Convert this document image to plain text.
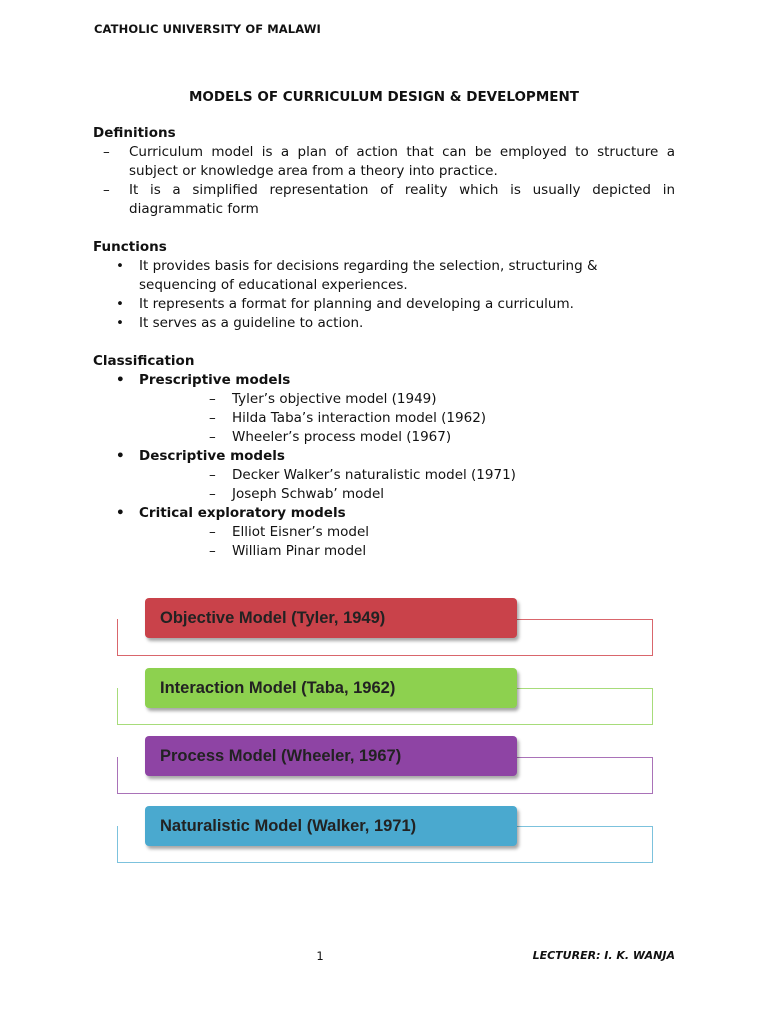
CATHOLIC UNIVERSITY OF MALAWI
MODELS OF CURRICULUM DESIGN & DEVELOPMENT

Definitions

– Curriculum model is a plan of action that can be employed to structure a subject or knowledge area from a theory into practice.
– It is a simplified representation of reality which is usually depicted in diagrammatic form

Functions

• It provides basis for decisions regarding the selection, structuring & sequencing of educational experiences.
• It represents a format for planning and developing a curriculum.
• It serves as a guideline to action.

Classification

• Prescriptive models
– Tyler’s objective model (1949)
– Hilda Taba’s interaction model (1962)
– Wheeler’s process model (1967)
• Descriptive models
– Decker Walker’s naturalistic model (1971)
– Joseph Schwab’ model
• Critical exploratory models
– Elliot Eisner’s model
– William Pinar model
Objective Model (Tyler, 1949)
Interaction Model (Taba, 1962)
Process Model (Wheeler, 1967)
Naturalistic Model (Walker, 1971)
1	LECTURER: I. K. WANJA
